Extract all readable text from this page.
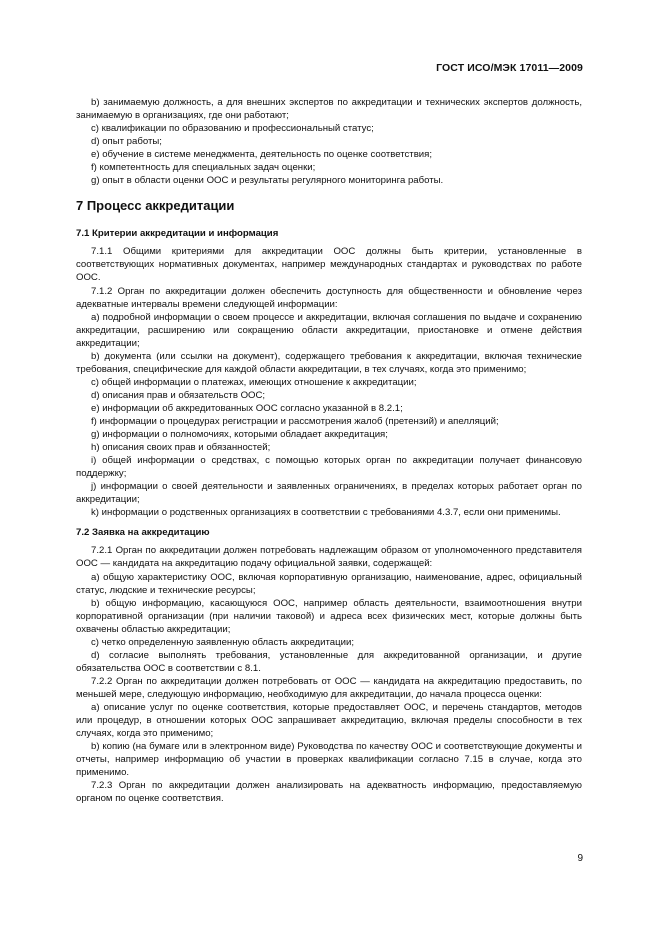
ГОСТ ИСО/МЭК 17011—2009

b) занимаемую должность, а для внешних экспертов по аккредитации и технических экспертов должность, занимаемую в организациях, где они работают;

c) квалификации по образованию и профессиональный статус;

d) опыт работы;

e) обучение в системе менеджмента, деятельность по оценке соответствия;

f) компетентность для специальных задач оценки;

g) опыт в области оценки ООС и результаты регулярного мониторинга работы.

7 Процесс аккредитации

7.1 Критерии аккредитации и информация

7.1.1 Общими критериями для аккредитации ООС должны быть критерии, установленные в соответствующих нормативных документах, например международных стандартах и руководствах по работе ООС.

7.1.2 Орган по аккредитации должен обеспечить доступность для общественности и обновление через адекватные интервалы времени следующей информации:

a) подробной информации о своем процессе и аккредитации, включая соглашения по выдаче и сохранению аккредитации, расширению или сокращению области аккредитации, приостановке и отмене действия аккредитации;

b) документа (или ссылки на документ), содержащего требования к аккредитации, включая технические требования, специфические для каждой области аккредитации, в тех случаях, когда это применимо;

c) общей информации о платежах, имеющих отношение к аккредитации;

d) описания прав и обязательств ООС;

e) информации об аккредитованных ООС согласно указанной в 8.2.1;

f) информации о процедурах регистрации и рассмотрения жалоб (претензий) и апелляций;

g) информации о полномочиях, которыми обладает аккредитация;

h) описания своих прав и обязанностей;

i) общей информации о средствах, с помощью которых орган по аккредитации получает финансовую поддержку;

j) информации о своей деятельности и заявленных ограничениях, в пределах которых работает орган по аккредитации;

k) информации о родственных организациях в соответствии с требованиями 4.3.7, если они применимы.

7.2 Заявка на аккредитацию

7.2.1 Орган по аккредитации должен потребовать надлежащим образом от уполномоченного представителя ООС — кандидата на аккредитацию подачу официальной заявки, содержащей:

a) общую характеристику ООС, включая корпоративную организацию, наименование, адрес, официальный статус, людские и технические ресурсы;

b) общую информацию, касающуюся ООС, например область деятельности, взаимоотношения внутри корпоративной организации (при наличии таковой) и адреса всех физических мест, которые должны быть охвачены областью аккредитации;

c) четко определенную заявленную область аккредитации;

d) согласие выполнять требования, установленные для аккредитованной организации, и другие обязательства ООС в соответствии с 8.1.

7.2.2 Орган по аккредитации должен потребовать от ООС — кандидата на аккредитацию предоставить, по меньшей мере, следующую информацию, необходимую для аккредитации, до начала процесса оценки:

a) описание услуг по оценке соответствия, которые предоставляет ООС, и перечень стандартов, методов или процедур, в отношении которых ООС запрашивает аккредитацию, включая пределы способности в тех случаях, когда это применимо;

b) копию (на бумаге или в электронном виде) Руководства по качеству ООС и соответствующие документы и отчеты, например информацию об участии в проверках квалификации согласно 7.15 в случае, когда это применимо.

7.2.3 Орган по аккредитации должен анализировать на адекватность информацию, предоставляемую органом по оценке соответствия.

9
